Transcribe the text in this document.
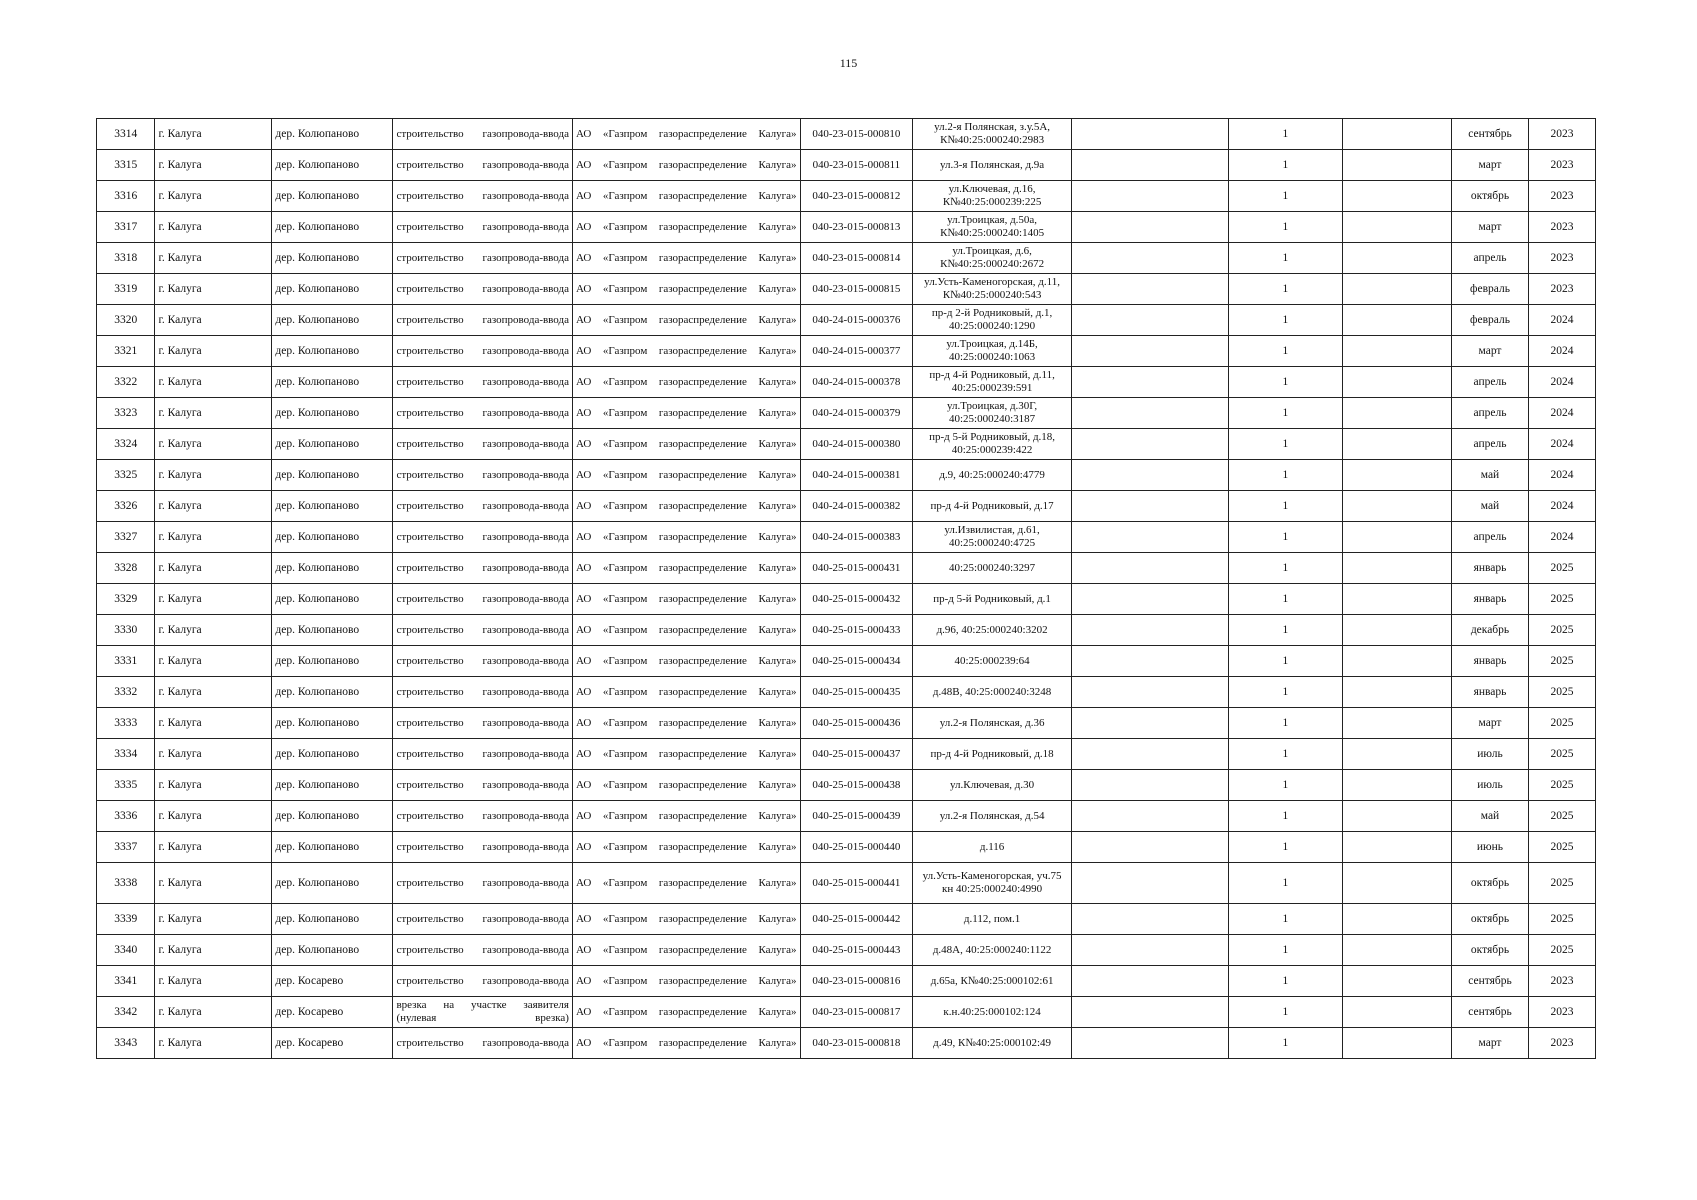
115
3314	г. Калуга	дер. Колюпаново	строительство газопровода-ввода	АО «Газпром газораспределение Калуга»	040-23-015-000810	ул.2-я Полянская, з.у.5А, К№40:25:000240:2983		1		сентябрь	2023
3315	г. Калуга	дер. Колюпаново	строительство газопровода-ввода	АО «Газпром газораспределение Калуга»	040-23-015-000811	ул.3-я Полянская, д.9а		1		март	2023
3316	г. Калуга	дер. Колюпаново	строительство газопровода-ввода	АО «Газпром газораспределение Калуга»	040-23-015-000812	ул.Ключевая, д.16, К№40:25:000239:225		1		октябрь	2023
3317	г. Калуга	дер. Колюпаново	строительство газопровода-ввода	АО «Газпром газораспределение Калуга»	040-23-015-000813	ул.Троицкая, д.50а, К№40:25:000240:1405		1		март	2023
3318	г. Калуга	дер. Колюпаново	строительство газопровода-ввода	АО «Газпром газораспределение Калуга»	040-23-015-000814	ул.Троицкая, д.6, К№40:25:000240:2672		1		апрель	2023
3319	г. Калуга	дер. Колюпаново	строительство газопровода-ввода	АО «Газпром газораспределение Калуга»	040-23-015-000815	ул.Усть-Каменогорская, д.11, К№40:25:000240:543		1		февраль	2023
3320	г. Калуга	дер. Колюпаново	строительство газопровода-ввода	АО «Газпром газораспределение Калуга»	040-24-015-000376	пр-д 2-й Родниковый, д.1, 40:25:000240:1290		1		февраль	2024
3321	г. Калуга	дер. Колюпаново	строительство газопровода-ввода	АО «Газпром газораспределение Калуга»	040-24-015-000377	ул.Троицкая, д.14Б, 40:25:000240:1063		1		март	2024
3322	г. Калуга	дер. Колюпаново	строительство газопровода-ввода	АО «Газпром газораспределение Калуга»	040-24-015-000378	пр-д 4-й Родниковый, д.11, 40:25:000239:591		1		апрель	2024
3323	г. Калуга	дер. Колюпаново	строительство газопровода-ввода	АО «Газпром газораспределение Калуга»	040-24-015-000379	ул.Троицкая, д.30Г, 40:25:000240:3187		1		апрель	2024
3324	г. Калуга	дер. Колюпаново	строительство газопровода-ввода	АО «Газпром газораспределение Калуга»	040-24-015-000380	пр-д 5-й Родниковый, д.18, 40:25:000239:422		1		апрель	2024
3325	г. Калуга	дер. Колюпаново	строительство газопровода-ввода	АО «Газпром газораспределение Калуга»	040-24-015-000381	д.9, 40:25:000240:4779		1		май	2024
3326	г. Калуга	дер. Колюпаново	строительство газопровода-ввода	АО «Газпром газораспределение Калуга»	040-24-015-000382	пр-д 4-й Родниковый, д.17		1		май	2024
3327	г. Калуга	дер. Колюпаново	строительство газопровода-ввода	АО «Газпром газораспределение Калуга»	040-24-015-000383	ул.Извилистая, д.61, 40:25:000240:4725		1		апрель	2024
3328	г. Калуга	дер. Колюпаново	строительство газопровода-ввода	АО «Газпром газораспределение Калуга»	040-25-015-000431	40:25:000240:3297		1		январь	2025
3329	г. Калуга	дер. Колюпаново	строительство газопровода-ввода	АО «Газпром газораспределение Калуга»	040-25-015-000432	пр-д 5-й Родниковый, д.1		1		январь	2025
3330	г. Калуга	дер. Колюпаново	строительство газопровода-ввода	АО «Газпром газораспределение Калуга»	040-25-015-000433	д.96, 40:25:000240:3202		1		декабрь	2025
3331	г. Калуга	дер. Колюпаново	строительство газопровода-ввода	АО «Газпром газораспределение Калуга»	040-25-015-000434	40:25:000239:64		1		январь	2025
3332	г. Калуга	дер. Колюпаново	строительство газопровода-ввода	АО «Газпром газораспределение Калуга»	040-25-015-000435	д.48В, 40:25:000240:3248		1		январь	2025
3333	г. Калуга	дер. Колюпаново	строительство газопровода-ввода	АО «Газпром газораспределение Калуга»	040-25-015-000436	ул.2-я Полянская, д.36		1		март	2025
3334	г. Калуга	дер. Колюпаново	строительство газопровода-ввода	АО «Газпром газораспределение Калуга»	040-25-015-000437	пр-д 4-й Родниковый, д.18		1		июль	2025
3335	г. Калуга	дер. Колюпаново	строительство газопровода-ввода	АО «Газпром газораспределение Калуга»	040-25-015-000438	ул.Ключевая, д.30		1		июль	2025
3336	г. Калуга	дер. Колюпаново	строительство газопровода-ввода	АО «Газпром газораспределение Калуга»	040-25-015-000439	ул.2-я Полянская, д.54		1		май	2025
3337	г. Калуга	дер. Колюпаново	строительство газопровода-ввода	АО «Газпром газораспределение Калуга»	040-25-015-000440	д.116		1		июнь	2025
3338	г. Калуга	дер. Колюпаново	строительство газопровода-ввода	АО «Газпром газораспределение Калуга»	040-25-015-000441	ул.Усть-Каменогорская, уч.75 кн 40:25:000240:4990		1		октябрь	2025
3339	г. Калуга	дер. Колюпаново	строительство газопровода-ввода	АО «Газпром газораспределение Калуга»	040-25-015-000442	д.112, пом.1		1		октябрь	2025
3340	г. Калуга	дер. Колюпаново	строительство газопровода-ввода	АО «Газпром газораспределение Калуга»	040-25-015-000443	д.48А, 40:25:000240:1122		1		октябрь	2025
3341	г. Калуга	дер. Косарево	строительство газопровода-ввода	АО «Газпром газораспределение Калуга»	040-23-015-000816	д.65а, К№40:25:000102:61		1		сентябрь	2023
3342	г. Калуга	дер. Косарево	врезка на участке заявителя (нулевая врезка)	АО «Газпром газораспределение Калуга»	040-23-015-000817	к.н.40:25:000102:124		1		сентябрь	2023
3343	г. Калуга	дер. Косарево	строительство газопровода-ввода	АО «Газпром газораспределение Калуга»	040-23-015-000818	д.49, К№40:25:000102:49		1		март	2023
